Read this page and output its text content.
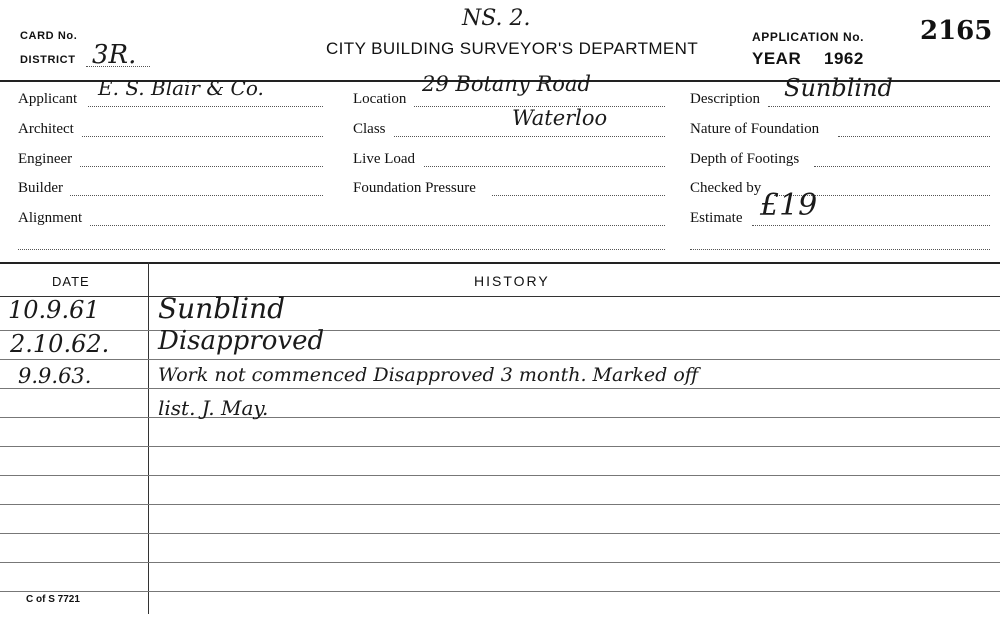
CARD No.
DISTRICT 3R.
NS. 2.
CITY BUILDING SURVEYOR'S DEPARTMENT
APPLICATION No. 2165
YEAR 1962
Applicant E. S. Blair & Co.
Architect
Engineer
Builder
Alignment
Location
29 Botany Road
Waterloo
Class
Live Load
Foundation Pressure
Description Sunblind
Nature of Foundation
Depth of Footings
Checked by
Estimate £19
DATE	HISTORY
10.9.61 Sunblind
2.10.62. Disapproved
9.9.63.	Work not commenced Disapproved 3 month. Marked off
list. J. May.
C of S 7721
